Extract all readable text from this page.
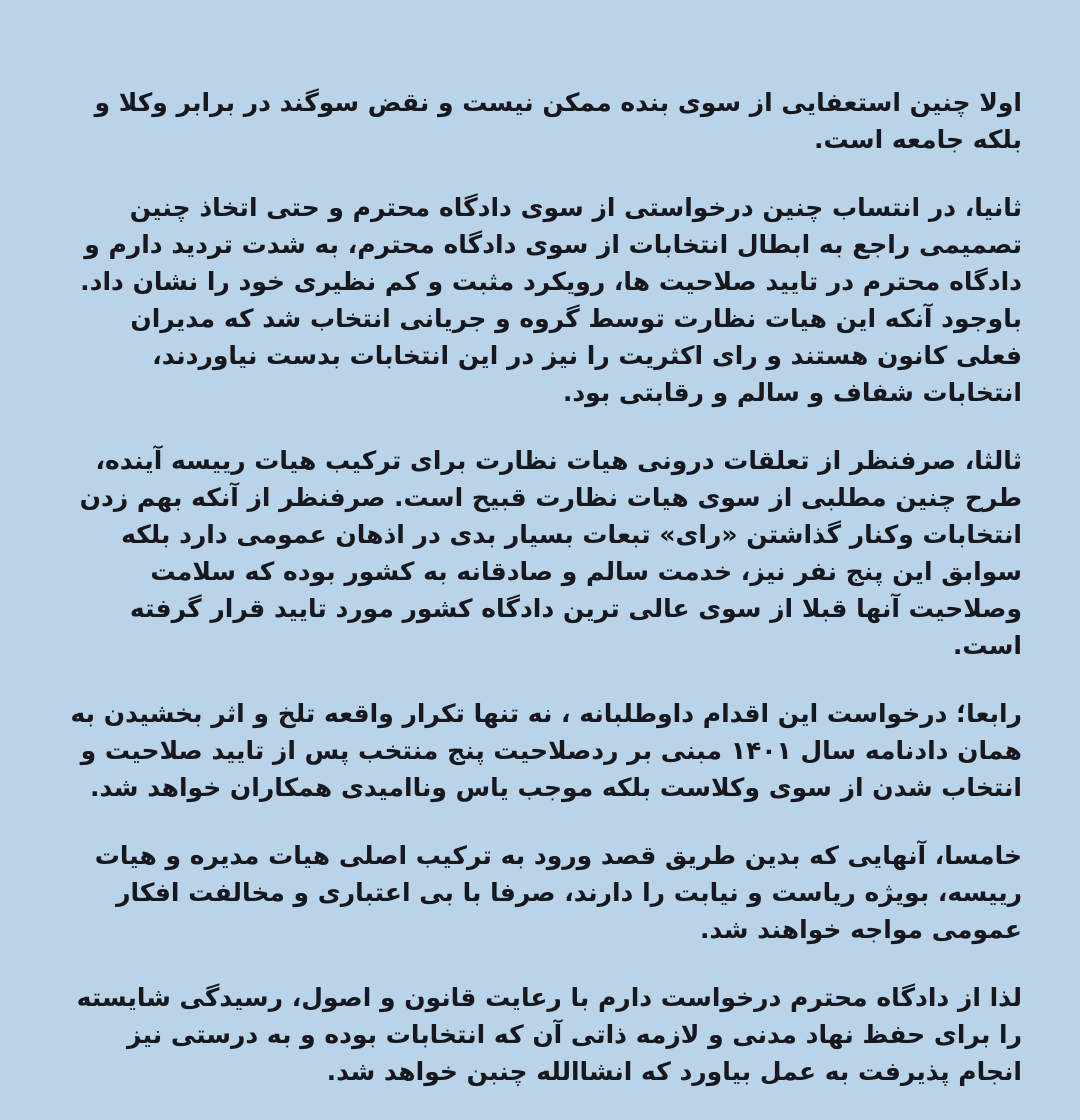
اولا چنین استعفایی از سوی بنده ممکن نیست و نقض سوگند در برابر وکلا و بلکه جامعه است.

ثانیا، در انتساب چنین درخواستی از سوی دادگاه محترم و حتی اتخاذ چنین تصمیمی راجع به ابطال انتخابات از سوی دادگاه محترم، به شدت تردید دارم و دادگاه محترم در تایید صلاحیت ها، رویکرد مثبت و کم نظیری خود را نشان داد. باوجود آنکه این هیات نظارت توسط گروه و جریانی انتخاب شد که مدیران فعلی کانون هستند و رای اکثریت را نیز در این انتخابات بدست نیاوردند، انتخابات شفاف و سالم و رقابتی بود.

ثالثا، صرفنظر از تعلقات درونی هیات نظارت برای ترکیب هیات رییسه آینده، طرح چنین مطلبی از سوی هیات نظارت قبیح است. صرفنظر از آنکه بهم زدن انتخابات وکنار گذاشتن «رای» تبعات بسیار بدی در اذهان عمومی دارد بلکه سوابق این پنج نفر نیز، خدمت سالم و صادقانه به کشور بوده که سلامت وصلاحیت آنها قبلا از سوی عالی ترین دادگاه کشور مورد تایید قرار گرفته است.

رابعا؛ درخواست این اقدام داوطلبانه ، نه تنها تکرار واقعه تلخ و اثر بخشیدن به همان دادنامه سال ۱۴۰۱ مبنی بر ردصلاحیت پنج منتخب پس از تایید صلاحیت و انتخاب شدن از سوی وکلاست بلکه موجب یاس وناامیدی همکاران خواهد شد.

خامسا، آنهایی که بدین طریق قصد ورود به ترکیب اصلی هیات مدیره و هیات رییسه، بویژه ریاست و نیابت را دارند، صرفا با بی اعتباری و مخالفت افکار عمومی مواجه خواهند شد.

لذا از دادگاه محترم درخواست دارم با رعایت قانون و اصول، رسیدگی شایسته را برای حفظ نهاد مدنی و لازمه ذاتی آن که انتخابات بوده و به درستی نیز انجام پذیرفت به عمل بیاورد که انشاالله چنبن خواهد شد.
